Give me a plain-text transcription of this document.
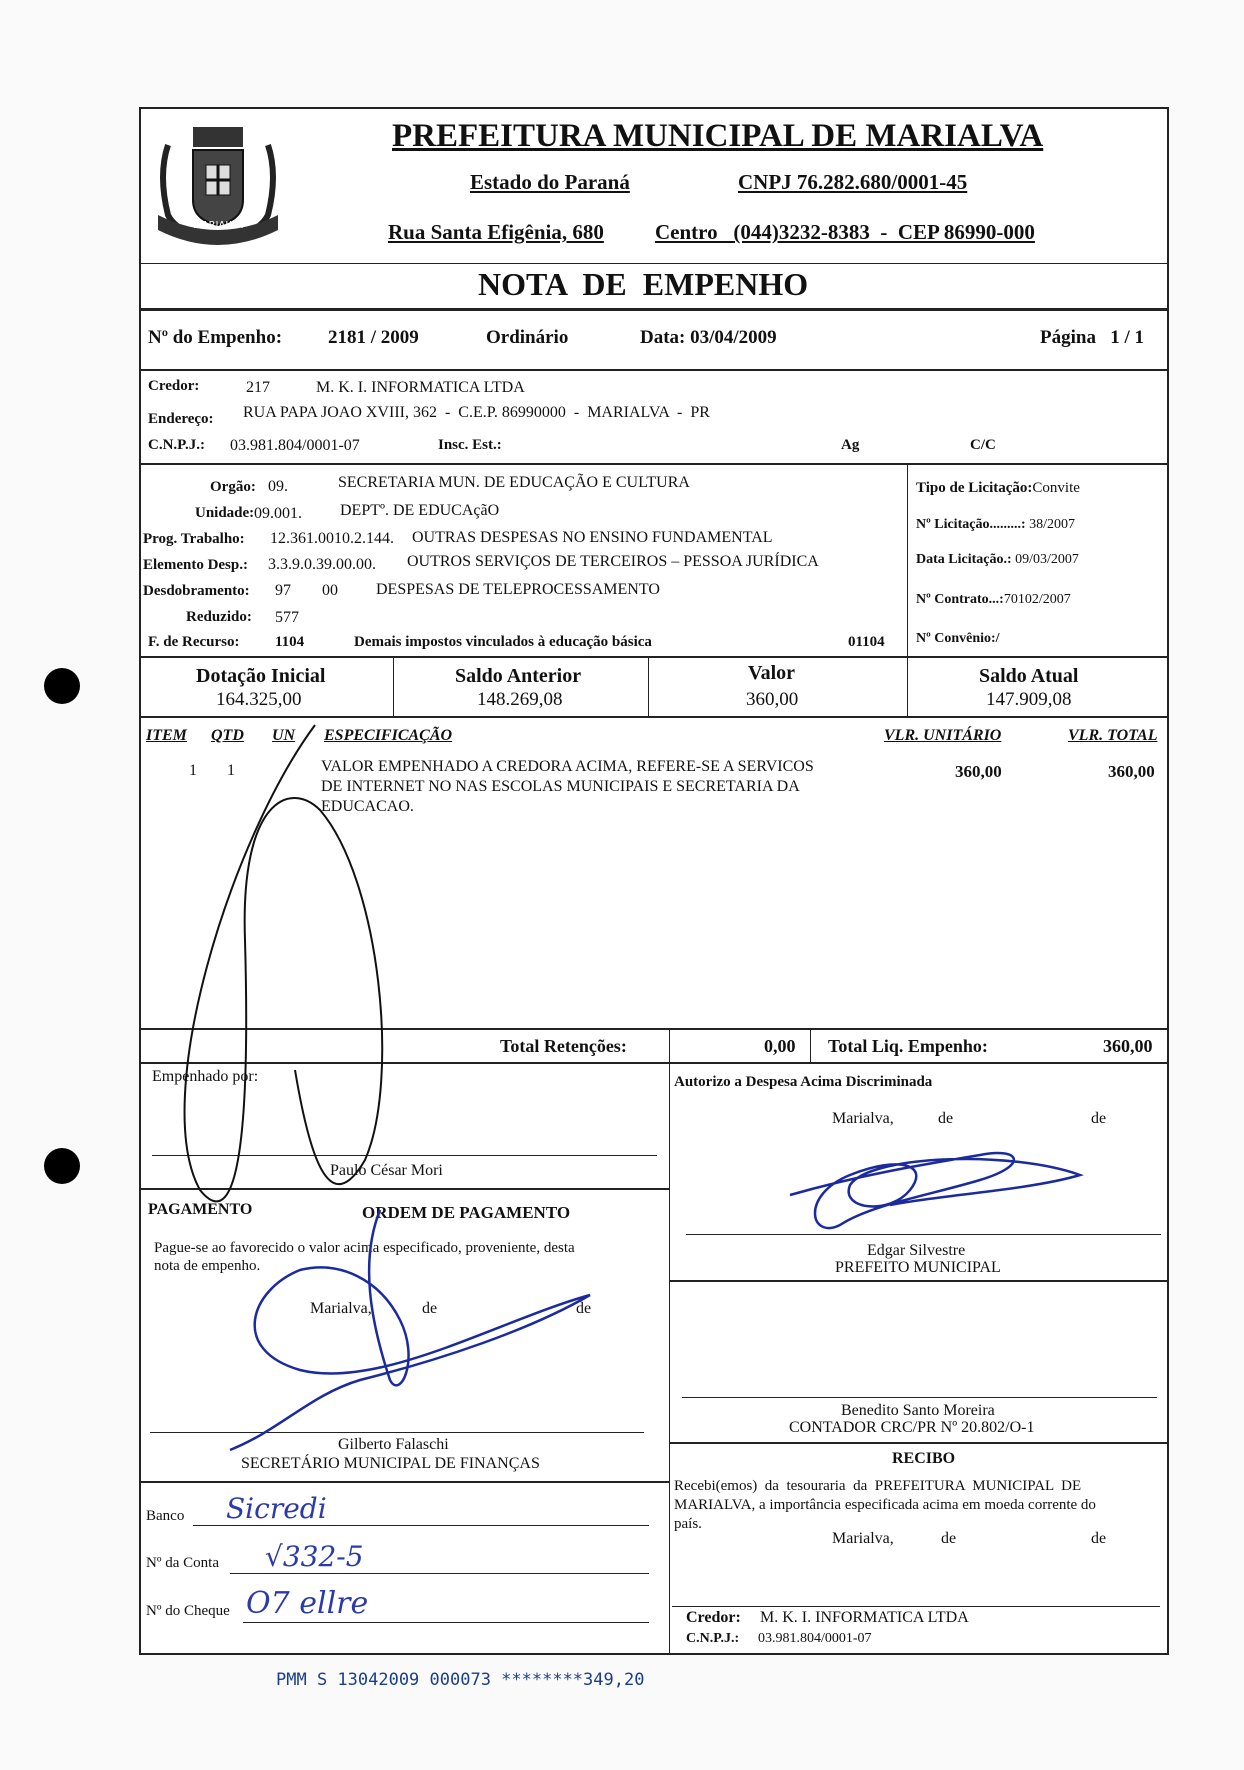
MARIALVA
PREFEITURA MUNICIPAL DE MARIALVA
Estado do Paraná	CNPJ 76.282.680/0001-45
Rua Santa Efigênia, 680 Centro   (044)3232-8383  -  CEP 86990-000
NOTA  DE  EMPENHO
Nº do Empenho: 2181 / 2009	Ordinário	Data: 03/04/2009	Página   1 / 1
Credor:	217	M. K. I. INFORMATICA LTDA
Endereço: RUA PAPA JOAO XVIII, 362  -  C.E.P. 86990000  -  MARIALVA  -  PR
C.N.P.J.: 03.981.804/0001-07	Insc. Est.:	Ag	C/C
Orgão: 09.	SECRETARIA MUN. DE EDUCAÇÃO E CULTURA
Unidade: 09.001. DEPTº. DE EDUCAçãO
Prog. Trabalho: 12.361.0010.2.144. OUTRAS DESPESAS NO ENSINO FUNDAMENTAL
Elemento Desp.: 3.3.9.0.39.00.00. OUTROS SERVIÇOS DE TERCEIROS – PESSOA JURÍDICA
Desdobramento: 97 00 DESPESAS DE TELEPROCESSAMENTO
Reduzido: 577
F. de Recurso: 1104	Demais impostos vinculados à educação básica	01104
Tipo de Licitação:Convite
Nº Licitação.........: 38/2007
Data Licitação.: 09/03/2007
Nº Contrato...:70102/2007
Nº Convênio:/
Dotação Inicial
164.325,00
Saldo Anterior
148.269,08
Valor
360,00
Saldo Atual
147.909,08
ITEM QTD UN ESPECIFICAÇÃO	VLR. UNITÁRIO	VLR. TOTAL
1 1	VALOR EMPENHADO A CREDORA ACIMA, REFERE-SE A SERVICOS
DE INTERNET NO NAS ESCOLAS MUNICIPAIS E SECRETARIA DA
EDUCACAO.
360,00	360,00
Total Retenções:	0,00 Total Liq. Empenho:	360,00
Empenhado por:
Paulo César Mori
Autorizo a Despesa Acima Discriminada
Marialva,	de	de
Edgar Silvestre
PREFEITO MUNICIPAL
PAGAMENTO	ORDEM DE PAGAMENTO
Pague-se ao favorecido o valor acima especificado, proveniente, desta
nota de empenho.
Marialva,	de	de
Gilberto Falaschi
SECRETÁRIO MUNICIPAL DE FINANÇAS
Benedito Santo Moreira
CONTADOR CRC/PR Nº 20.802/O-1
RECIBO
Recebi(emos)  da  tesouraria  da  PREFEITURA  MUNICIPAL  DE
MARIALVA, a importância especificada acima em moeda corrente do
país.
Marialva,	de	de
Credor: M. K. I. INFORMATICA LTDA
C.N.P.J.: 03.981.804/0001-07
Banco Sicredi
Nº da Conta √332-5
Nº do Cheque O7 ellre
PMM S 13042009 000073 ********349,20
